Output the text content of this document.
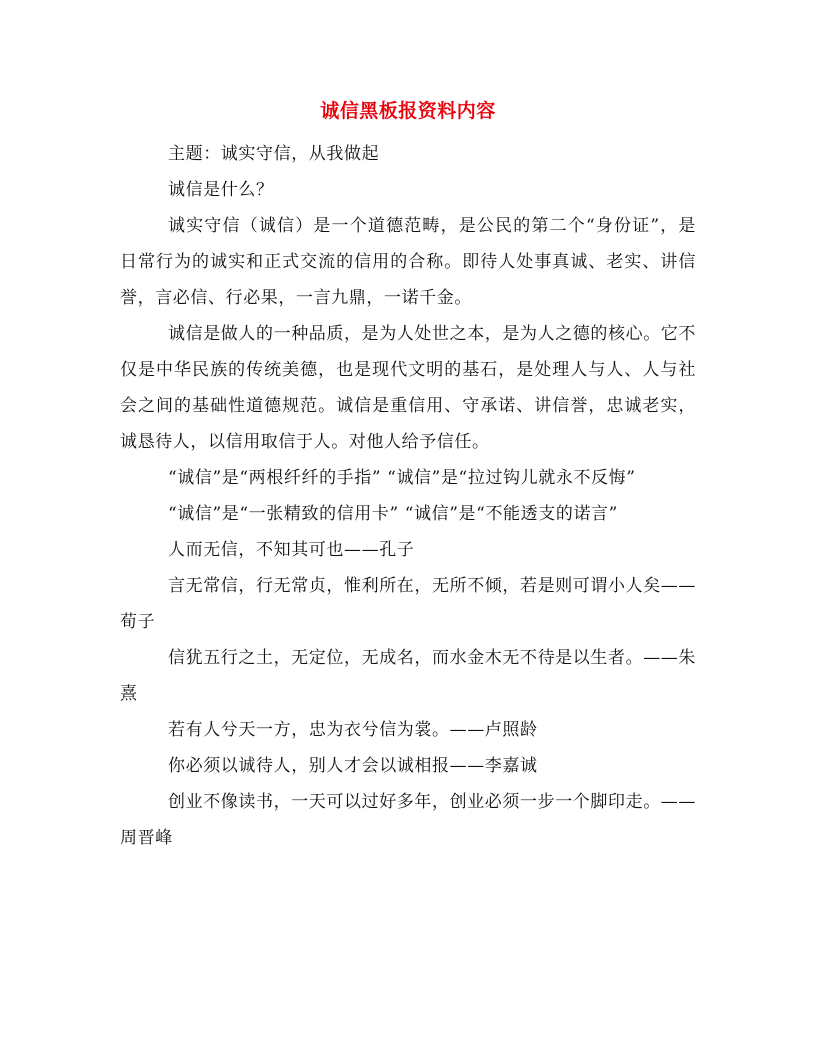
诚信黑板报资料内容

主题：诚实守信，从我做起

诚信是什么？

诚实守信（诚信）是一个道德范畴，是公民的第二个“身份证”，是日常行为的诚实和正式交流的信用的合称。即待人处事真诚、老实、讲信誉，言必信、行必果，一言九鼎，一诺千金。

诚信是做人的一种品质，是为人处世之本，是为人之德的核心。它不仅是中华民族的传统美德，也是现代文明的基石，是处理人与人、人与社会之间的基础性道德规范。诚信是重信用、守承诺、讲信誉，忠诚老实，诚恳待人，以信用取信于人。对他人给予信任。

“诚信”是“两根纤纤的手指” “诚信”是“拉过钩儿就永不反悔”

“诚信”是“一张精致的信用卡” “诚信”是“不能透支的诺言”

人而无信，不知其可也——孔子

言无常信，行无常贞，惟利所在，无所不倾，若是则可谓小人矣——荀子

信犹五行之土，无定位，无成名，而水金木无不待是以生者。——朱熹

若有人兮天一方，忠为衣兮信为裳。——卢照龄

你必须以诚待人，别人才会以诚相报——李嘉诚

创业不像读书，一天可以过好多年，创业必须一步一个脚印走。——周晋峰
